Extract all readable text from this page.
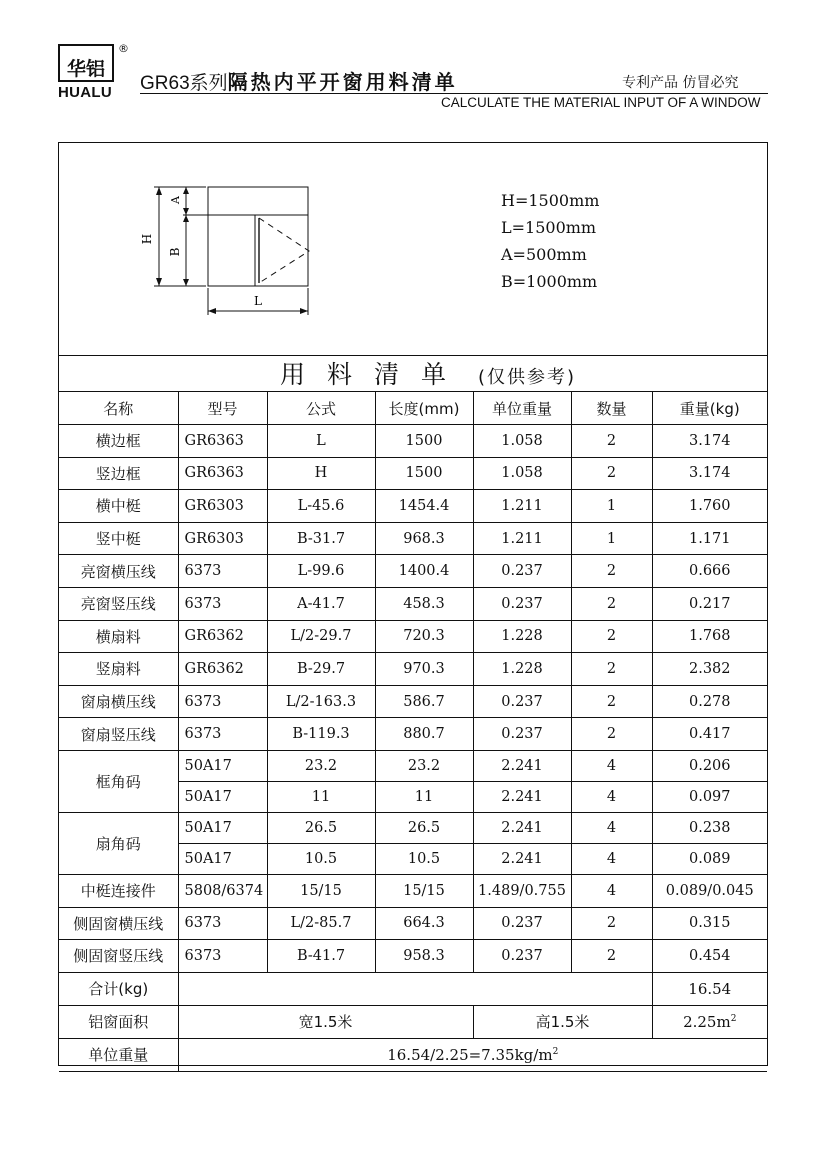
华铝
®
HUALU GR63系列隔热内平开窗用料清单	专利产品 仿冒必究
CALCULATE THE MATERIAL INPUT OF A WINDOW
H
A
B
L
H=1500mm
L=1500mm
A=500mm
B=1000mm
用料清单 (仅供参考)						
名称	型号	公式	长度(mm)	单位重量	数量	重量(kg)
横边框	GR6363	L	1500	1.058	2	3.174
竖边框	GR6363	H	1500	1.058	2	3.174
横中梃	GR6303	L-45.6	1454.4	1.211	1	1.760
竖中梃	GR6303	B-31.7	968.3	1.211	1	1.171
亮窗横压线	6373	L-99.6	1400.4	0.237	2	0.666
亮窗竖压线	6373	A-41.7	458.3	0.237	2	0.217
横扇料	GR6362	L/2-29.7	720.3	1.228	2	1.768
竖扇料	GR6362	B-29.7	970.3	1.228	2	2.382
窗扇横压线	6373	L/2-163.3	586.7	0.237	2	0.278
窗扇竖压线	6373	B-119.3	880.7	0.237	2	0.417
框角码	50A17	23.2	23.2	2.241	4	0.206
	50A17	11	11	2.241	4	0.097
扇角码	50A17	26.5	26.5	2.241	4	0.238
	50A17	10.5	10.5	2.241	4	0.089
中梃连接件	5808/6374	15/15	15/15	1.489/0.755	4	0.089/0.045
侧固窗横压线	6373	L/2-85.7	664.3	0.237	2	0.315
侧固窗竖压线	6373	B-41.7	958.3	0.237	2	0.454
合计(kg)						16.54
铝窗面积	宽1.5米			高1.5米		$2.25m^2$
单位重量	$16.54/2.25=7.35kg/m^2$
